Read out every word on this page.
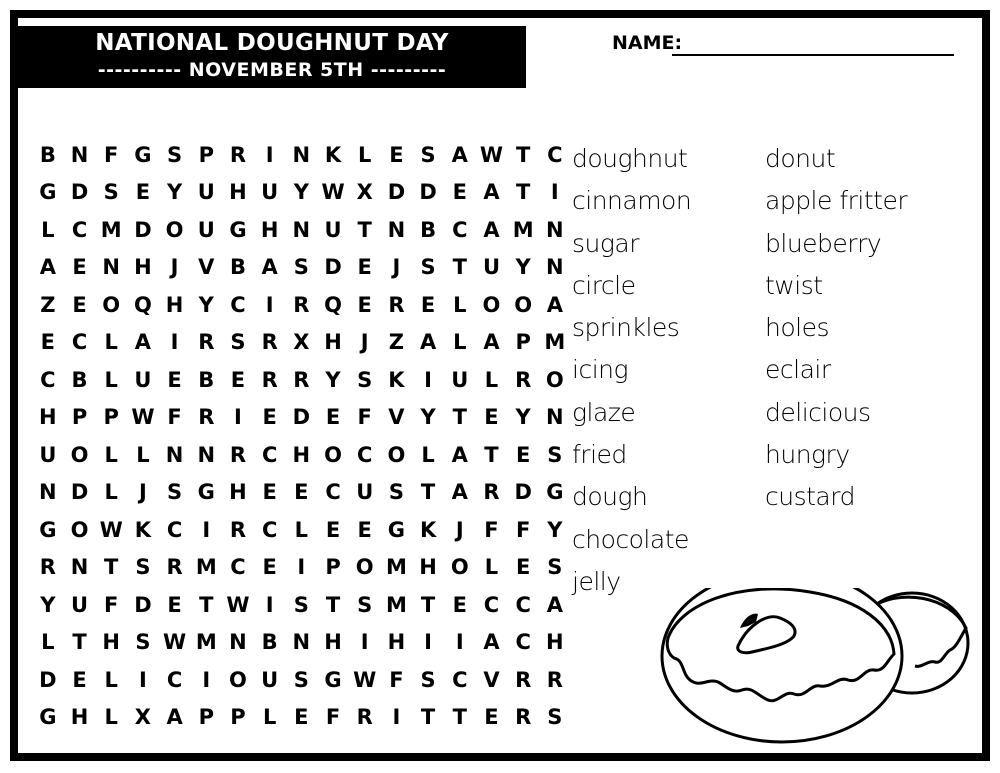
NATIONAL DOUGHNUT DAY
---------- NOVEMBER 5TH ---------
NAME:
B N F G S P R I N K L E S A W T C
G D S E Y U H U Y W X D D E A T I
L C M D O U G H N U T N B C A M N
A E N H J V B A S D E J S T U Y N
Z E O Q H Y C I R Q E R E L O O A
E C L A I R S R X H J Z A L A P M
C B L U E B E R R Y S K I U L R O
H P P W F R I E D E F V Y T E Y N
U O L L N N R C H O C O L A T E S
N D L	J S G H E E C U S T A R D G
G O W K C I R C L E E G K J F F Y
R N T S R M C E I P O M H O L E S
Y U F D E T W I S T S M T E C C A
L T H S W M N B N H I H I	I A C H
D E L	I C I O U S G W F S C V R R
G H L X A P P L E F R I T T E R S
doughnut
cinnamon
sugar
circle
sprinkles
icing
glaze
fried
dough
chocolate
jelly
donut
apple fritter
blueberry
twist
holes
eclair
delicious
hungry
custard
